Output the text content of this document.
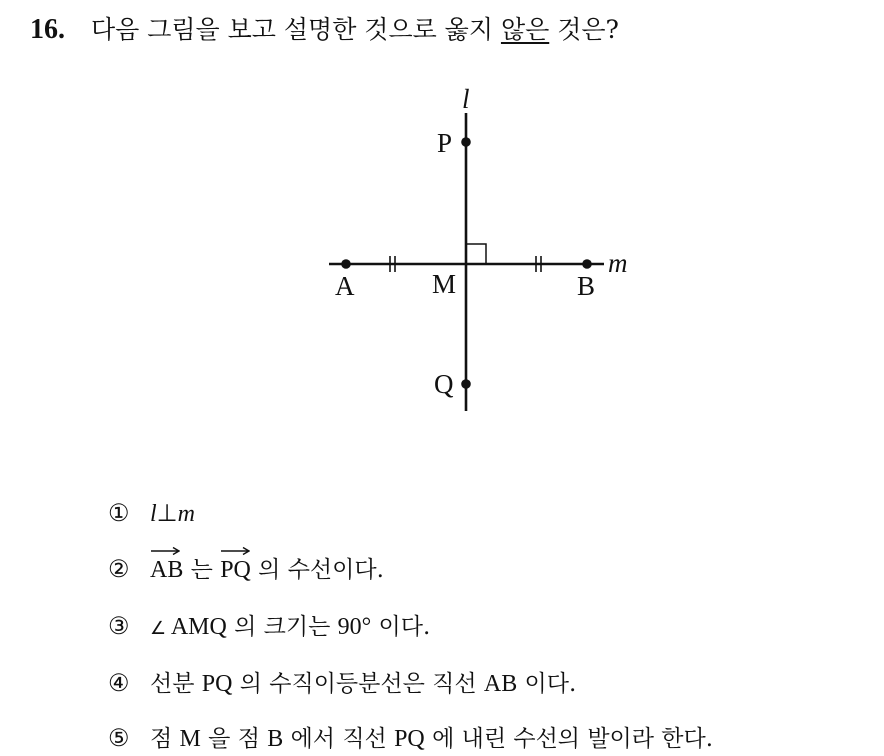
16. 다음 그림을 보고 설명한 것으로 옳지 않은 것은?
l
m
P
Q
A	B
M
① l⊥m
② AB 는
PQ 의 수선이다.
③ ∠ AMQ 의 크기는 90° 이다.
④ 선분 PQ 의 수직이등분선은 직선 AB 이다.
⑤ 점 M 을 점 B 에서 직선 PQ 에 내린 수선의 발이라 한다.
